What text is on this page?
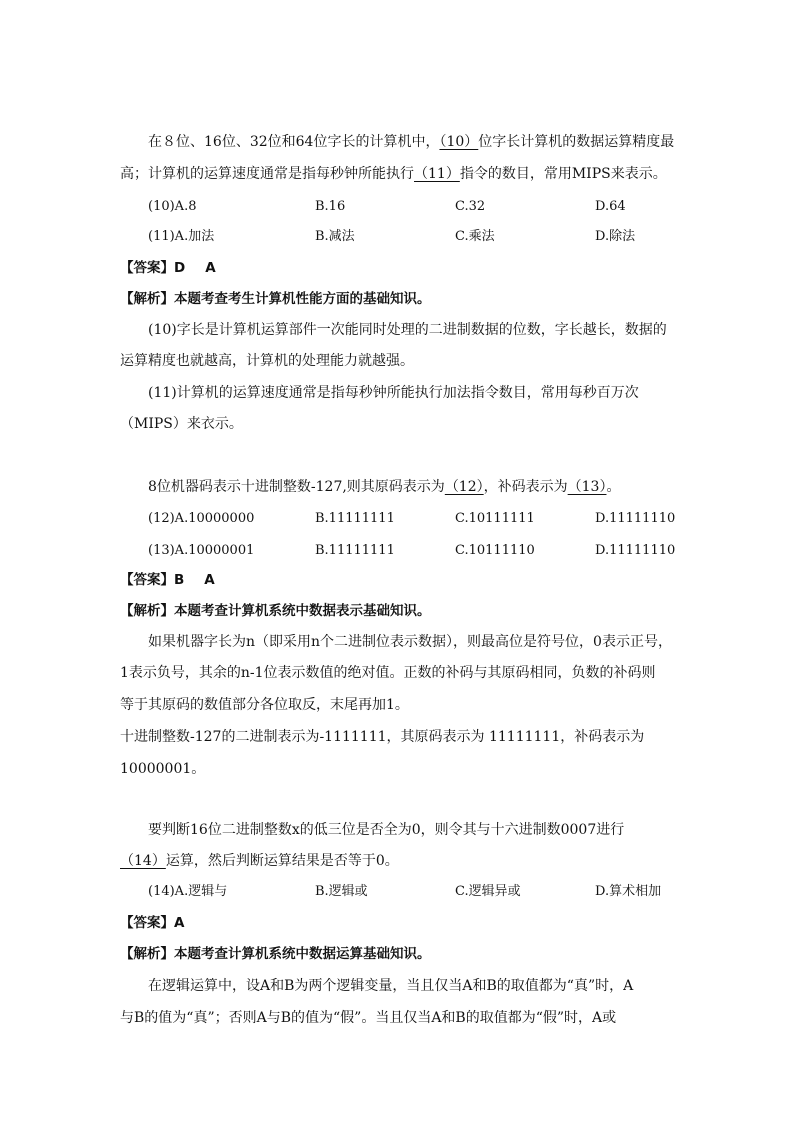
在８位、16位、32位和64位字长的计算机中，（10）位字长计算机的数据运算精度最
高；计算机的运算速度通常是指每秒钟所能执行（11）指令的数目，常用MIPS来表示。
(10)A.8	B.16	C.32	D.64
(11)A.加法	B.减法	C.乘法	D.除法
【答案】D A
【解析】本题考查考生计算机性能方面的基础知识。
(10)字长是计算机运算部件一次能同时处理的二进制数据的位数，字长越长，数据的
运算精度也就越高，计算机的处理能力就越强。
(11)计算机的运算速度通常是指每秒钟所能执行加法指令数目，常用每秒百万次
（MIPS）来衣示。
8位机器码表示十进制整数-127,则其原码表示为（12），补码表示为（13）。
(12)A.10000000	B.11111111	C.10111111	D.11111110
(13)A.10000001	B.11111111	C.10111110	D.11111110
【答案】B A
【解析】本题考查计算机系统中数据表示基础知识。
如果机器字长为n（即采用n个二进制位表示数据），则最高位是符号位，0表示正号，
1表示负号，其余的n-1位表示数值的绝对值。正数的补码与其原码相同，负数的补码则
等于其原码的数值部分各位取反，末尾再加1。
十进制整数-127的二进制表示为-1111111，其原码表示为 11111111，补码表示为
10000001。
要判断16位二进制整数x的低三位是否全为0，则令其与十六进制数0007进行
（14）运算，然后判断运算结果是否等于0。
(14)A.逻辑与	B.逻辑或	C.逻辑异或	D.算术相加
【答案】A
【解析】本题考查计算机系统中数据运算基础知识。
在逻辑运算中，设A和B为两个逻辑变量，当且仅当A和B的取值都为“真”时，A
与B的值为“真”；否则A与B的值为“假”。当且仅当A和B的取值都为“假”时，A或
